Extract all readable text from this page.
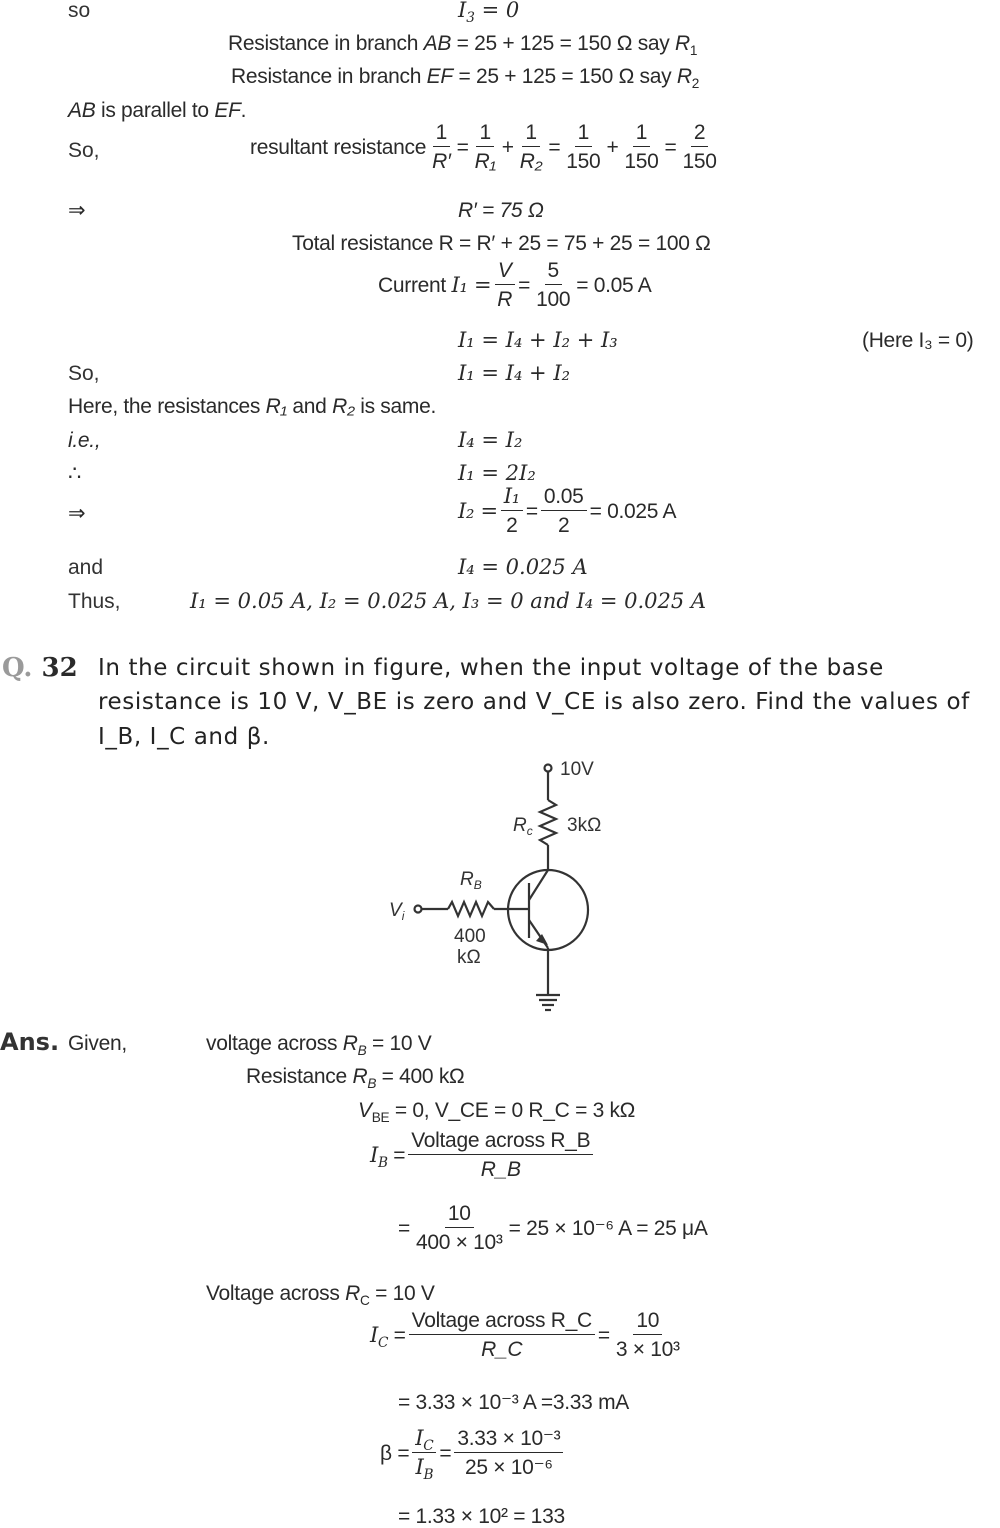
so	$I_3 = 0$
Resistance in branch AB = 25 + 125 = 150 Ω say $R_1$
Resistance in branch EF = 25 + 125 = 150 Ω say $R_2$
AB is parallel to EF.
So,	resultant resistance $\frac{1}{R'} = \frac{1}{\text{R₁}} + \frac{1}{\text{R₂}} = \frac{1}{150} + \frac{1}{150} = \frac{2}{150}$
⇒	R′ = 75 Ω
Total resistance R = R′ + 25 = 75 + 25 = 100 Ω
Current
$I_1 = \frac{V}{R} = \frac{5}{100} = 0.05$ A
I₁ = I₄ + I₂ + I₃	(Here I₃ = 0)
So,	I₁ = I₄ + I₂
Here, the resistances R₁ and R₂ is same.
i.e.,	I₄ = I₂
∴	I₁ = 2I₂
⇒	$I_2 = \frac{\text{I₁}}{2} = \frac{0.05}{2} = 0.025$ A
and	I₄ = 0.025 A
Thus,	I₁ = 0.05 A, I₂ = 0.025 A, I₃ = 0 and I₄ = 0.025 A
Q. 32 In the circuit shown in figure, when the input voltage of the base
resistance is 10 V, V_BE is zero and V_CE is also zero. Find the values of
I_B, I_C and β.
10V
$R_c$ 3kΩ
$R_B$
400
kΩ
$V_i$
Ans. Given,	voltage across $R_B = 10$ V
Resistance $R_B = 400$ kΩ
$V_{BE} = 0$, V_CE = 0 R_C = 3 kΩ
$I_B = \frac{\text{Voltage across R\_B}}{R\_B}$
= $\frac{10}{\text{400 × 10³}} = 25 \times 10^{-6}$ A = 25 μA
Voltage across $R_C = 10$ V
$I_C = \frac{\text{Voltage across R\_C}}{R\_C} = \frac{10}{\text{3 × 10³}}$
= 3.33 × 10⁻³ A =3.33 mA
$\beta = \frac{I_C}{I_B} = \frac{\text{3.33 × 10⁻³}}{\text{25 × 10⁻⁶}}$
= 1.33 × 10² = 133
